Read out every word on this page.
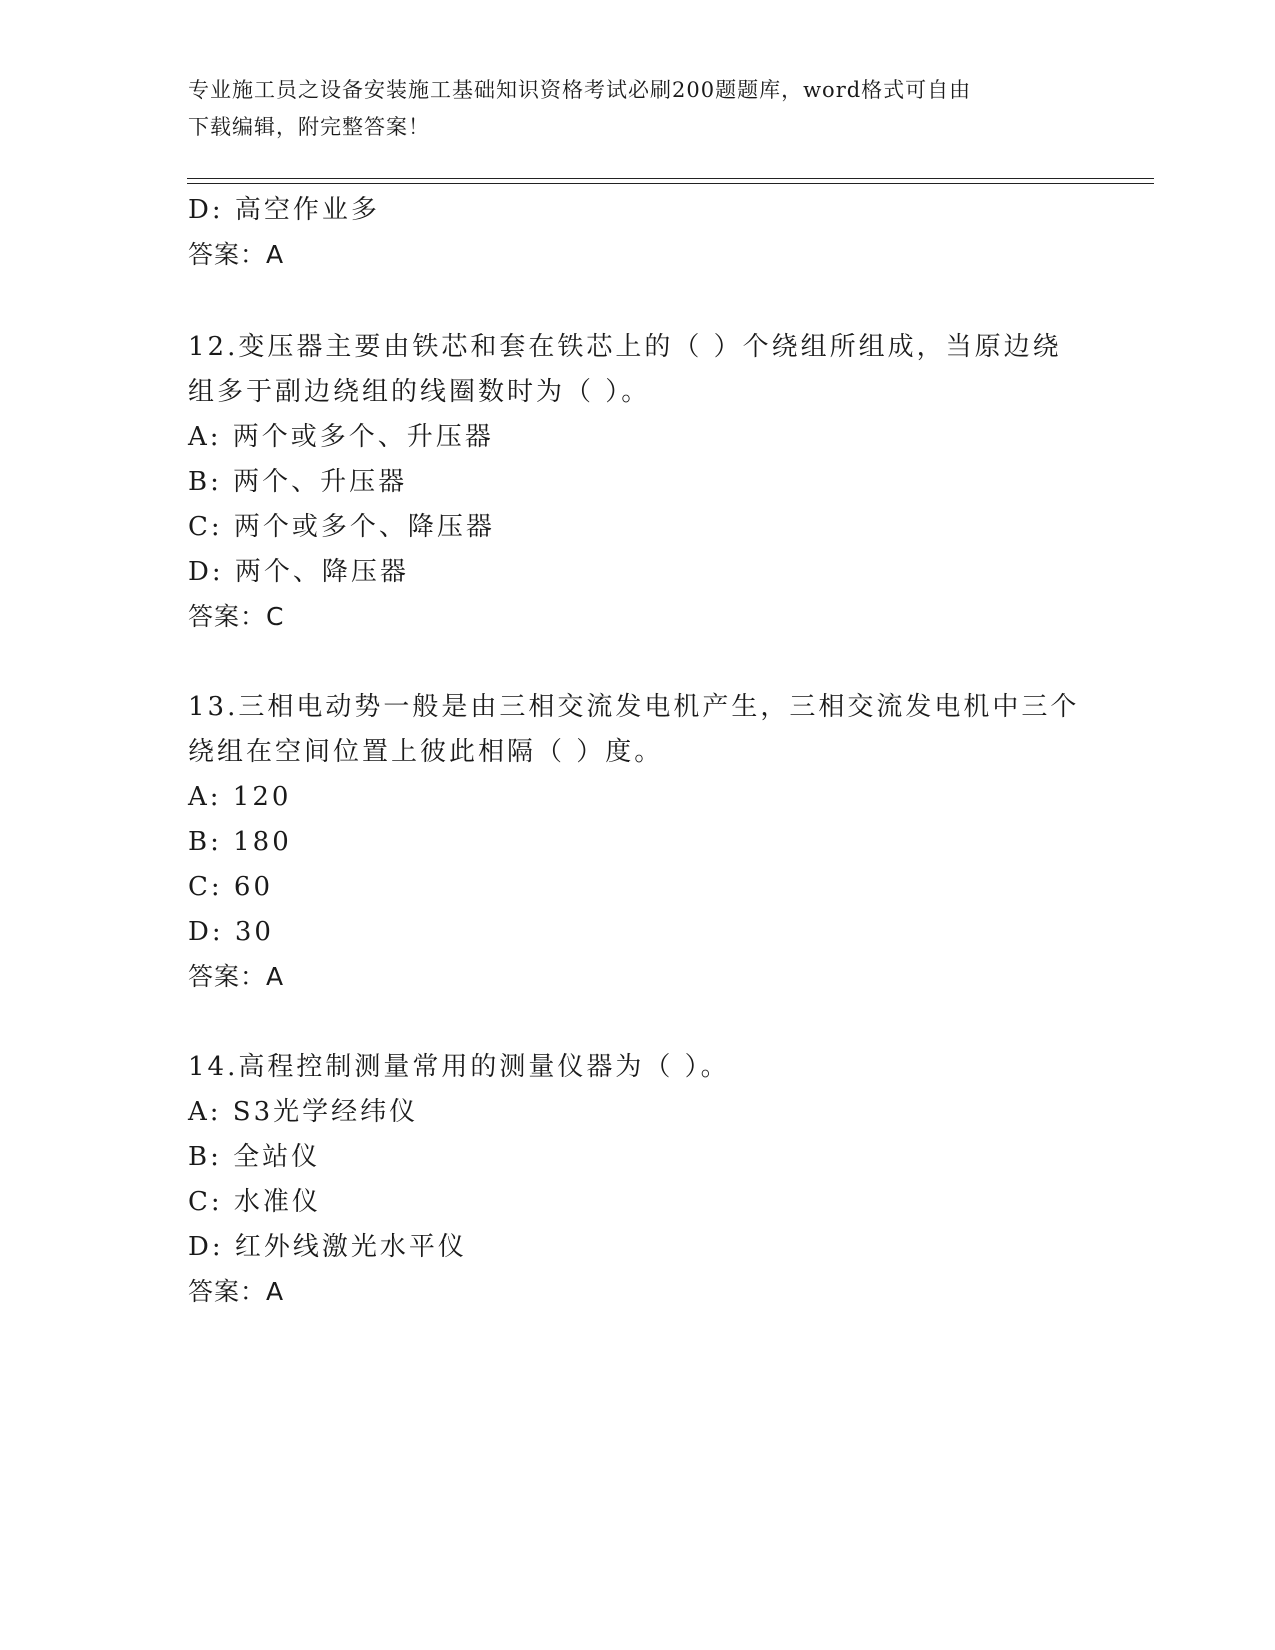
专业施工员之设备安装施工基础知识资格考试必刷200题题库，word格式可自由
下载编辑，附完整答案！
D: 高空作业多
答案：A
12.变压器主要由铁芯和套在铁芯上的（ ）个绕组所组成，当原边绕
组多于副边绕组的线圈数时为（ ）。
A: 两个或多个、升压器
B: 两个、升压器
C: 两个或多个、降压器
D: 两个、降压器
答案：C
13.三相电动势一般是由三相交流发电机产生，三相交流发电机中三个
绕组在空间位置上彼此相隔（ ）度。
A: 120
B: 180
C: 60
D: 30
答案：A
14.高程控制测量常用的测量仪器为（ ）。
A: S3光学经纬仪
B: 全站仪
C: 水准仪
D: 红外线激光水平仪
答案：A
